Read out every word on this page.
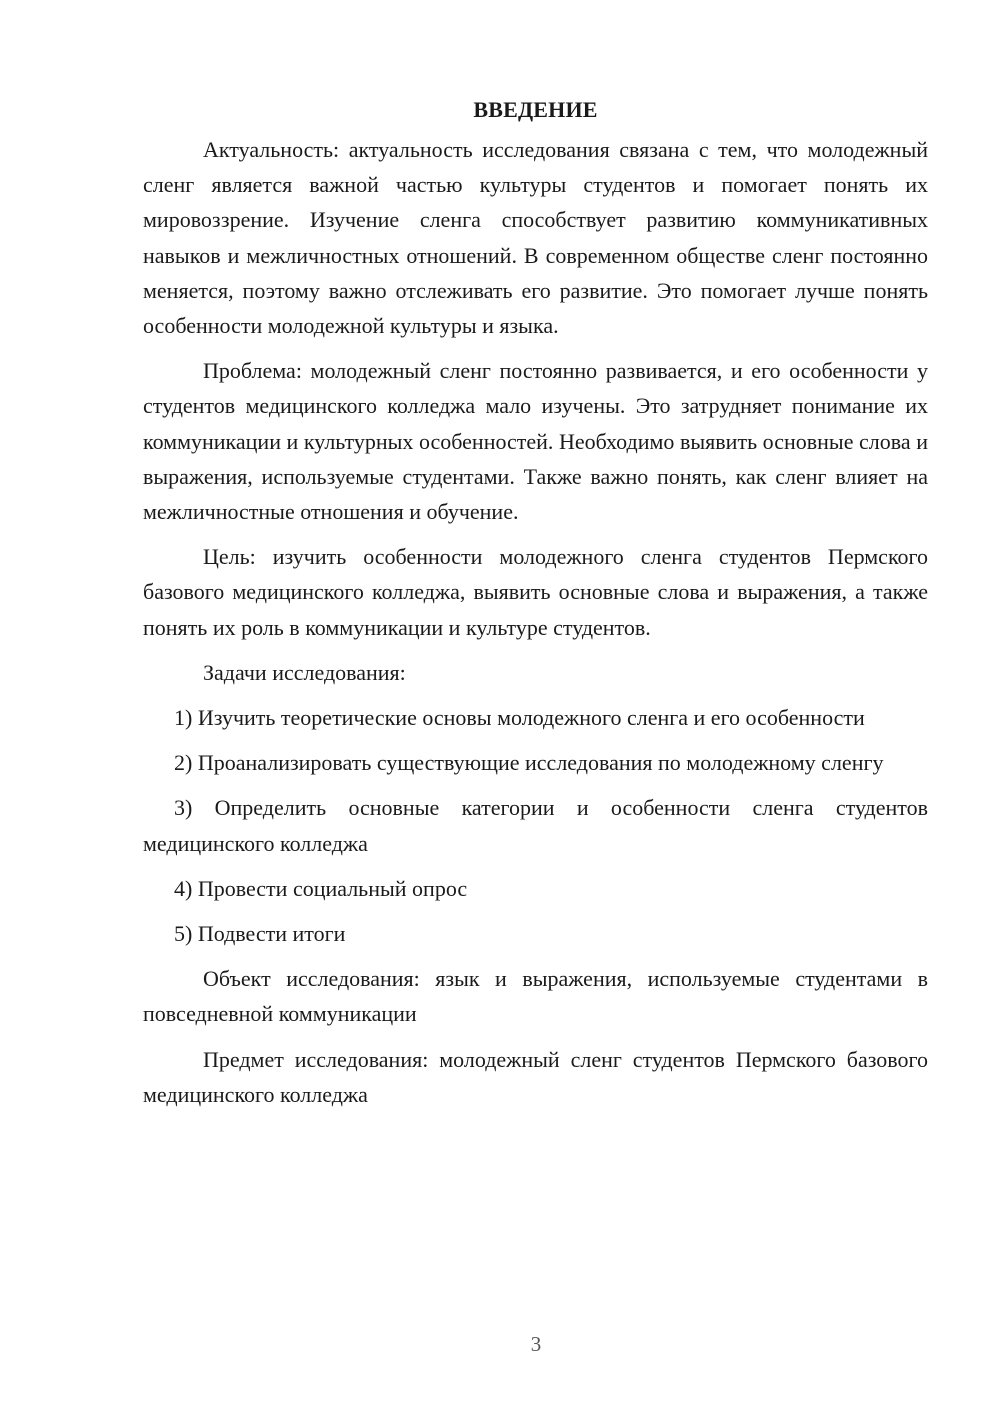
ВВЕДЕНИЕ

Актуальность: актуальность исследования связана с тем, что молодежный сленг является важной частью культуры студентов и помогает понять их мировоззрение. Изучение сленга способствует развитию коммуникативных навыков и межличностных отношений. В современном обществе сленг постоянно меняется, поэтому важно отслеживать его развитие. Это помогает лучше понять особенности молодежной культуры и языка.

Проблема: молодежный сленг постоянно развивается, и его особенности у студентов медицинского колледжа мало изучены. Это затрудняет понимание их коммуникации и культурных особенностей. Необходимо выявить основные слова и выражения, используемые студентами. Также важно понять, как сленг влияет на межличностные отношения и обучение.

Цель: изучить особенности молодежного сленга студентов Пермского базового медицинского колледжа, выявить основные слова и выражения, а также понять их роль в коммуникации и культуре студентов.

Задачи исследования:

1) Изучить теоретические основы молодежного сленга и его особенности

2) Проанализировать существующие исследования по молодежному сленгу

3) Определить основные категории и особенности сленга студентов медицинского колледжа

4) Провести социальный опрос

5) Подвести итоги

Объект исследования: язык и выражения, используемые студентами в повседневной коммуникации

Предмет исследования: молодежный сленг студентов Пермского базового медицинского колледжа

3
